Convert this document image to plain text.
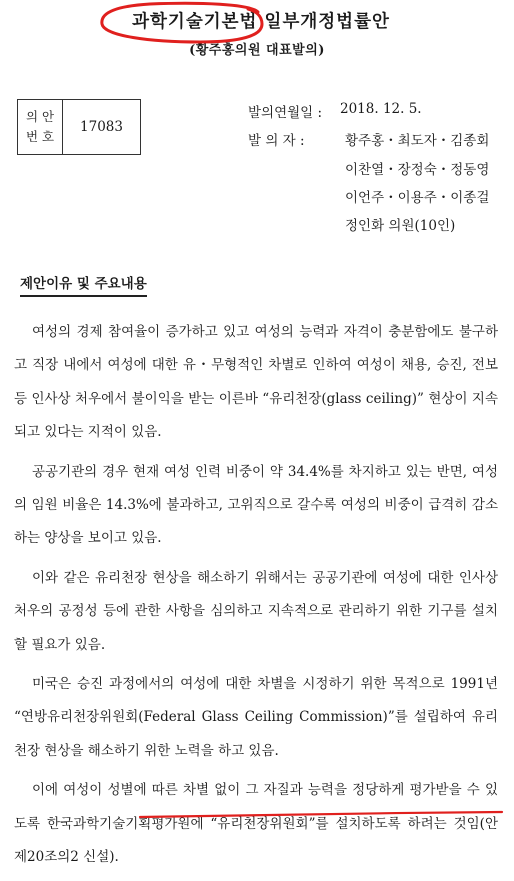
과학기술기본법 일부개정법률안
(황주홍의원 대표발의)
의 안
번 호
17083
발의연월일 : 2018. 12. 5.
발 의 자 :	황주홍・최도자・김종회
이찬열・장정숙・정동영
이언주・이용주・이종걸
정인화 의원(10인)
제안이유 및 주요내용

여성의 경제 참여율이 증가하고 있고 여성의 능력과 자격이 충분함에도 불구하고 직장 내에서 여성에 대한 유・무형적인 차별로 인하여 여성이 채용, 승진, 전보 등 인사상 처우에서 불이익을 받는 이른바 “유리천장(glass ceiling)” 현상이 지속되고 있다는 지적이 있음.

공공기관의 경우 현재 여성 인력 비중이 약 34.4%를 차지하고 있는 반면, 여성의 임원 비율은 14.3%에 불과하고, 고위직으로 갈수록 여성의 비중이 급격히 감소하는 양상을 보이고 있음.

이와 같은 유리천장 현상을 해소하기 위해서는 공공기관에 여성에 대한 인사상 처우의 공정성 등에 관한 사항을 심의하고 지속적으로 관리하기 위한 기구를 설치할 필요가 있음.

미국은 승진 과정에서의 여성에 대한 차별을 시정하기 위한 목적으로 1991년 “연방유리천장위원회(Federal Glass Ceiling Commission)”를 설립하여 유리천장 현상을 해소하기 위한 노력을 하고 있음.

이에 여성이 성별에 따른 차별 없이 그 자질과 능력을 정당하게 평가받을 수 있도록 한국과학기술기획평가원에 “유리천장위원회”를 설치하도록 하려는 것임(안 제20조의2 신설).
